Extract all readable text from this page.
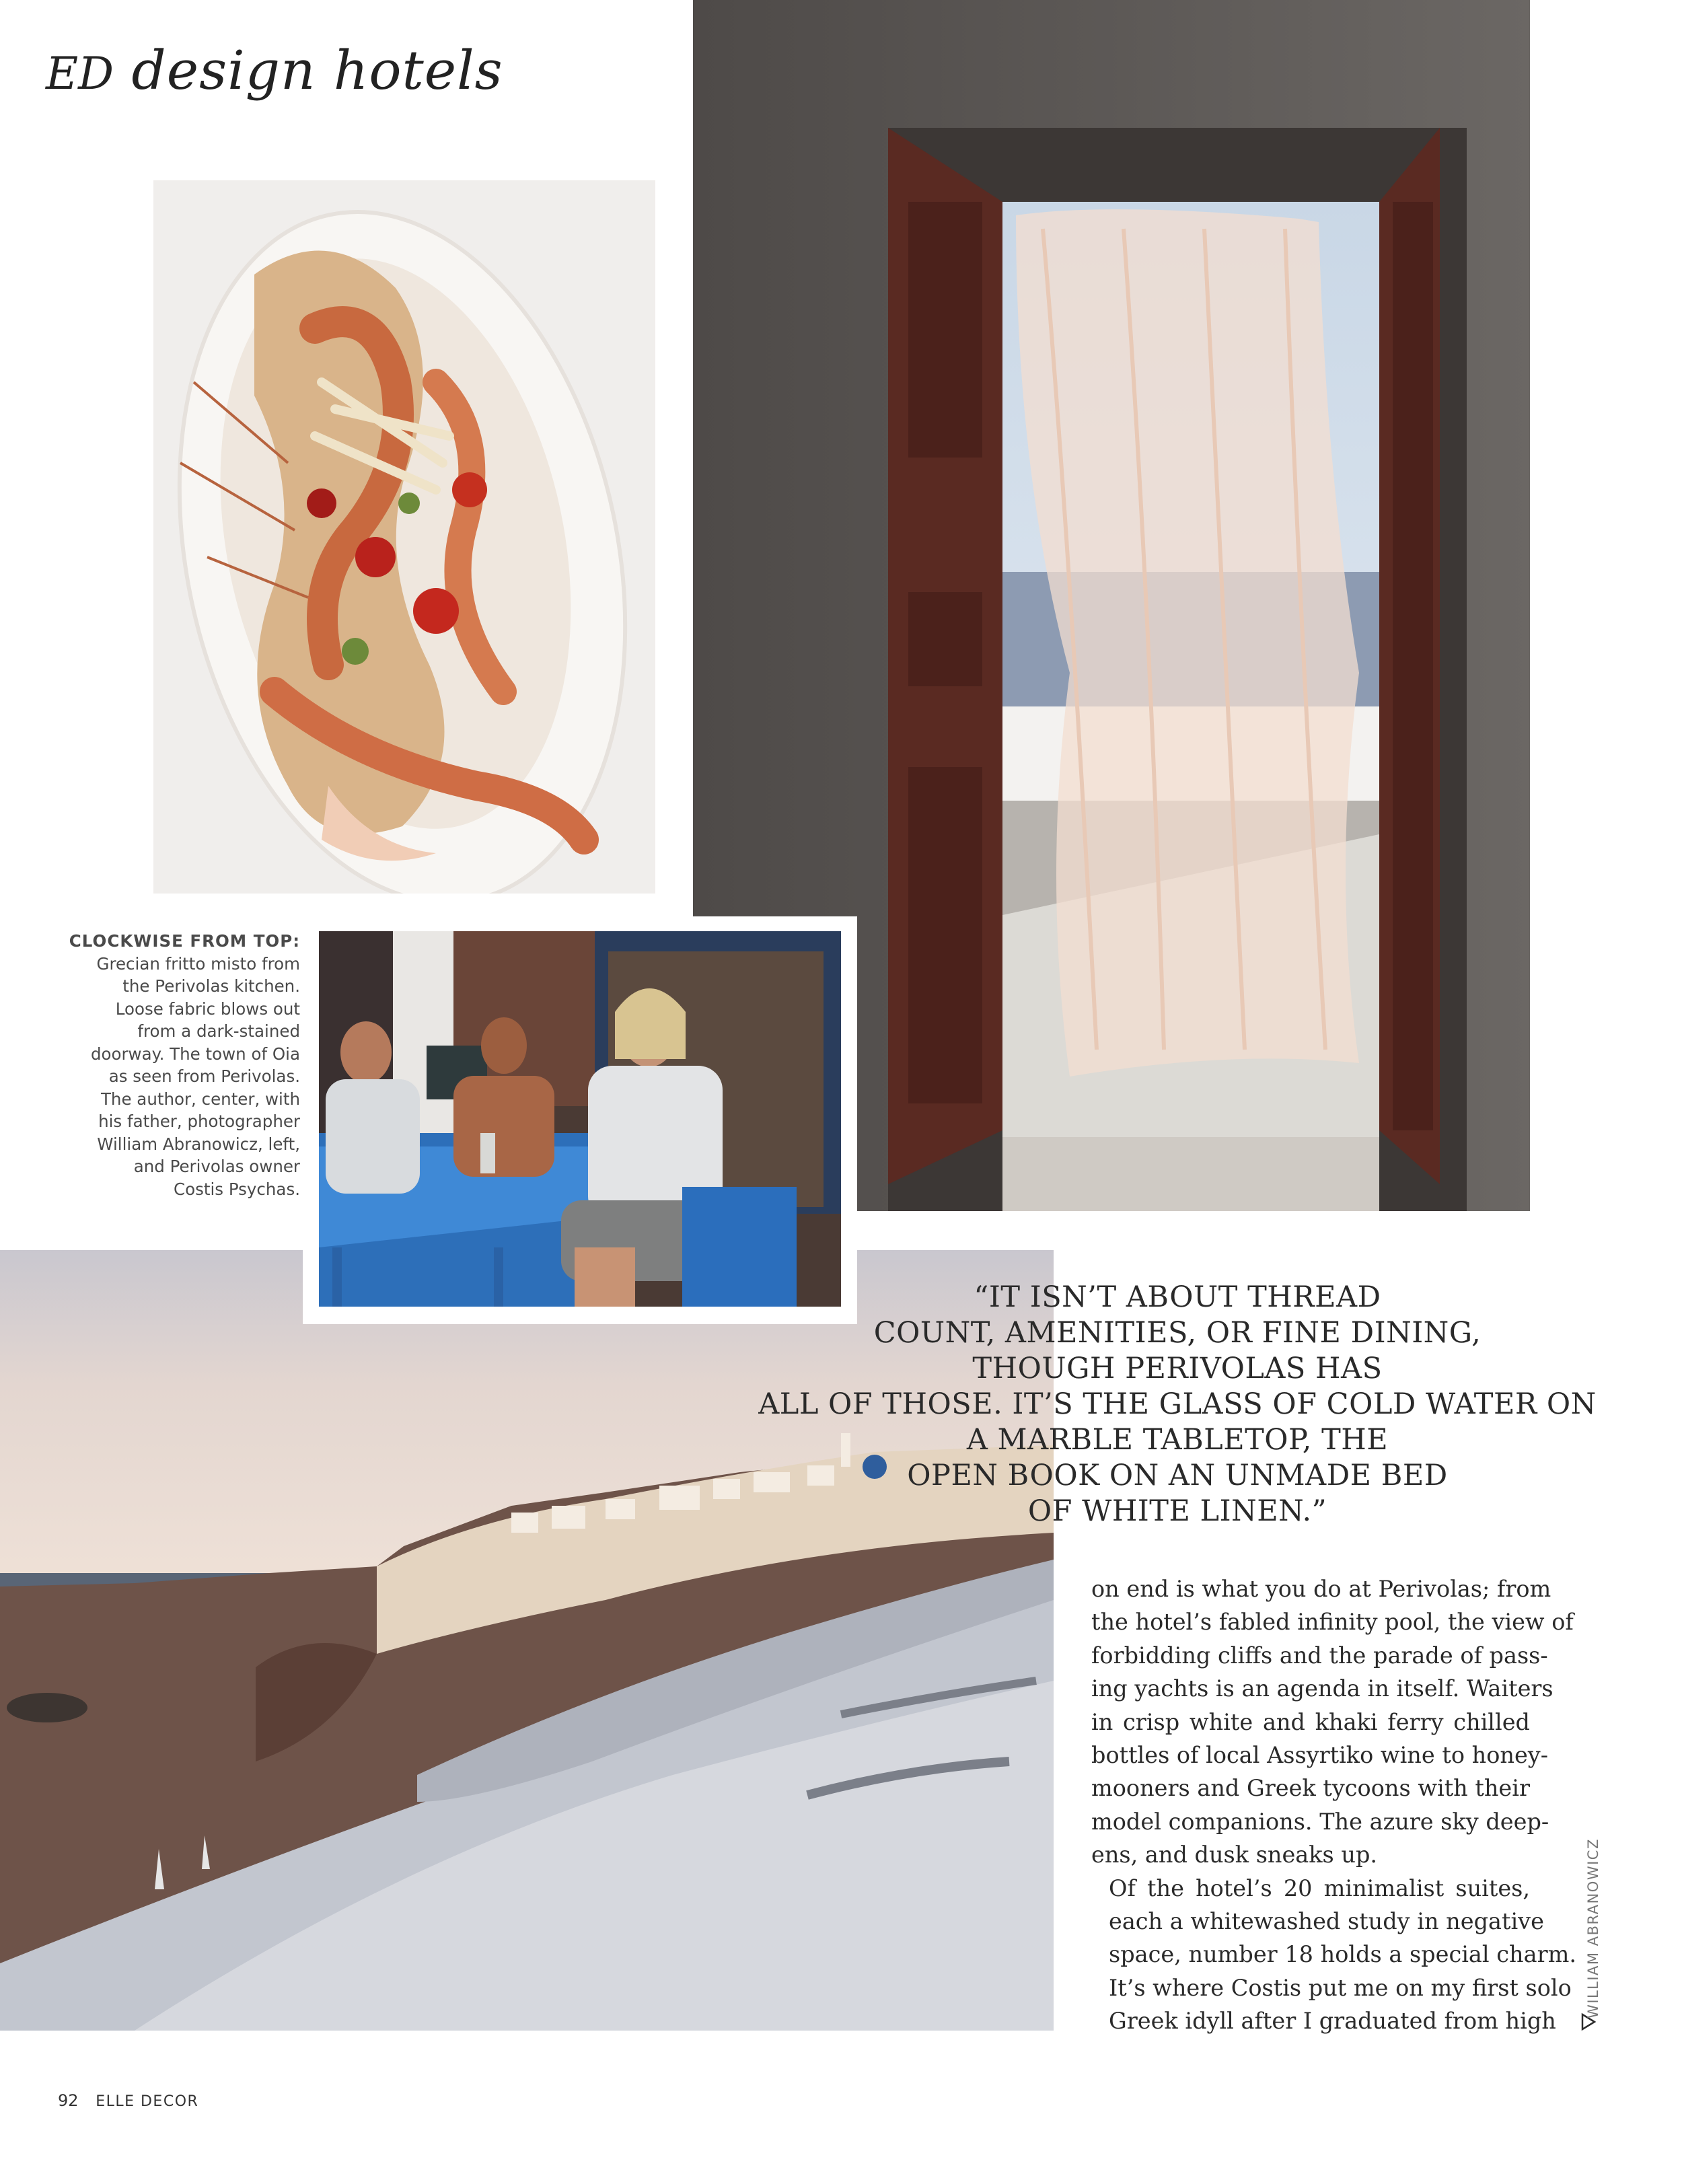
ED design hotels

CLOCKWISE FROM TOP:
Grecian fritto misto from
the Perivolas kitchen.
Loose fabric blows out
from a dark-stained
doorway. The town of Oia
as seen from Perivolas.
The author, center, with
his father, photographer
William Abranowicz, left,
and Perivolas owner
Costis Psychas.

“IT ISN’T ABOUT THREAD
COUNT, AMENITIES, OR FINE DINING,
THOUGH PERIVOLAS HAS
ALL OF THOSE. IT’S THE GLASS OF COLD WATER ON
A MARBLE TABLETOP, THE
OPEN BOOK ON AN UNMADE BED
OF WHITE LINEN.”

on end is what you do at Perivolas; from
the hotel’s fabled infinity pool, the view of
forbidding cliffs and the parade of pass-
ing yachts is an agenda in itself. Waiters
in crisp white and khaki ferry chilled
bottles of local Assyrtiko wine to honey-
mooners and Greek tycoons with their
model companions. The azure sky deep-
ens, and dusk sneaks up.

Of the hotel’s 20 minimalist suites,
each a whitewashed study in negative
space, number 18 holds a special charm.
It’s where Costis put me on my first solo
Greek idyll after I graduated from high

WILLIAM ABRANOWICZ
92 ELLE DECOR
